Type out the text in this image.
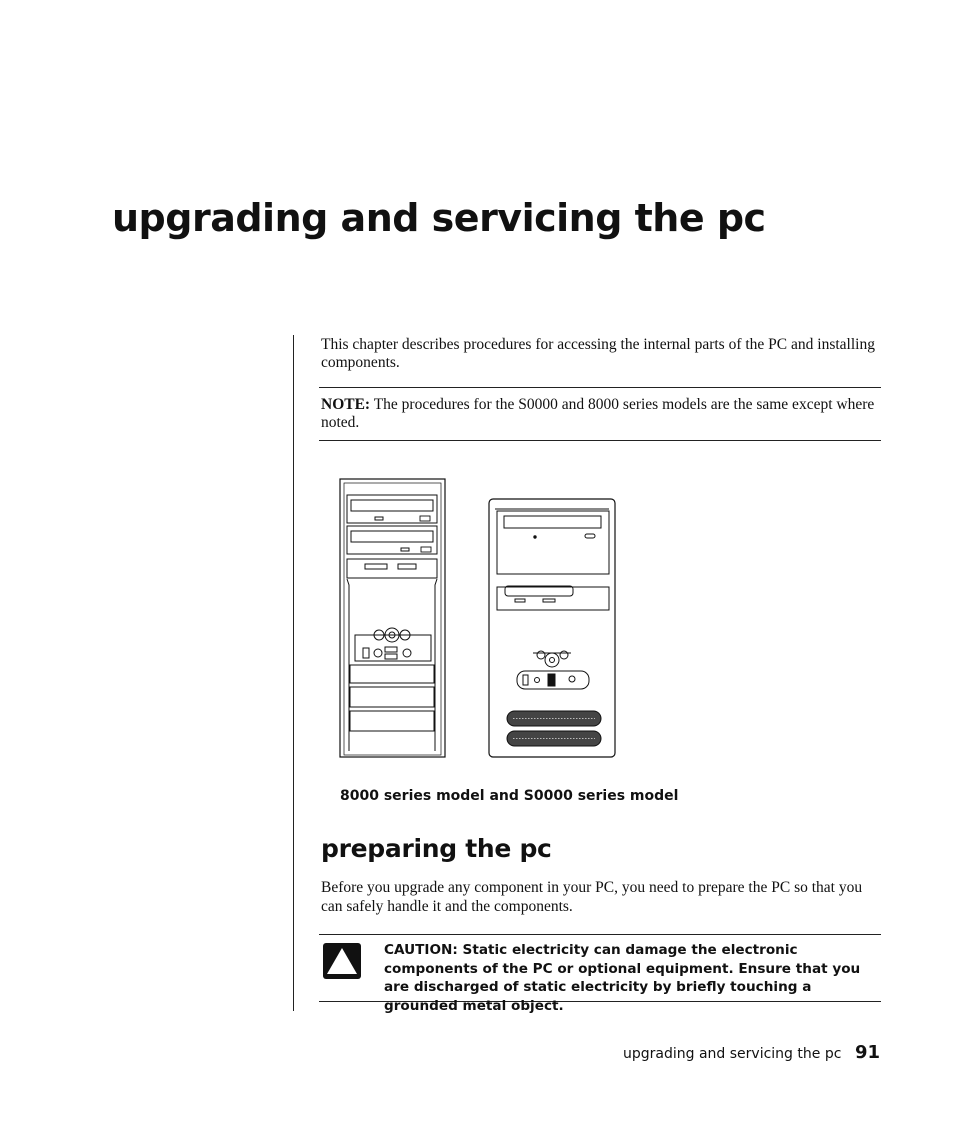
upgrading and servicing the pc

This chapter describes procedures for accessing the internal parts of the PC and installing components.

NOTE: The procedures for the S0000 and 8000 series models are the same except where noted.

8000 series model and S0000 series model

preparing the pc

Before you upgrade any component in your PC, you need to prepare the PC so that you can safely handle it and the components.

CAUTION: Static electricity can damage the electronic components of the PC or optional equipment. Ensure that you are discharged of static electricity by briefly touching a grounded metal object.

upgrading and servicing the pc 91
